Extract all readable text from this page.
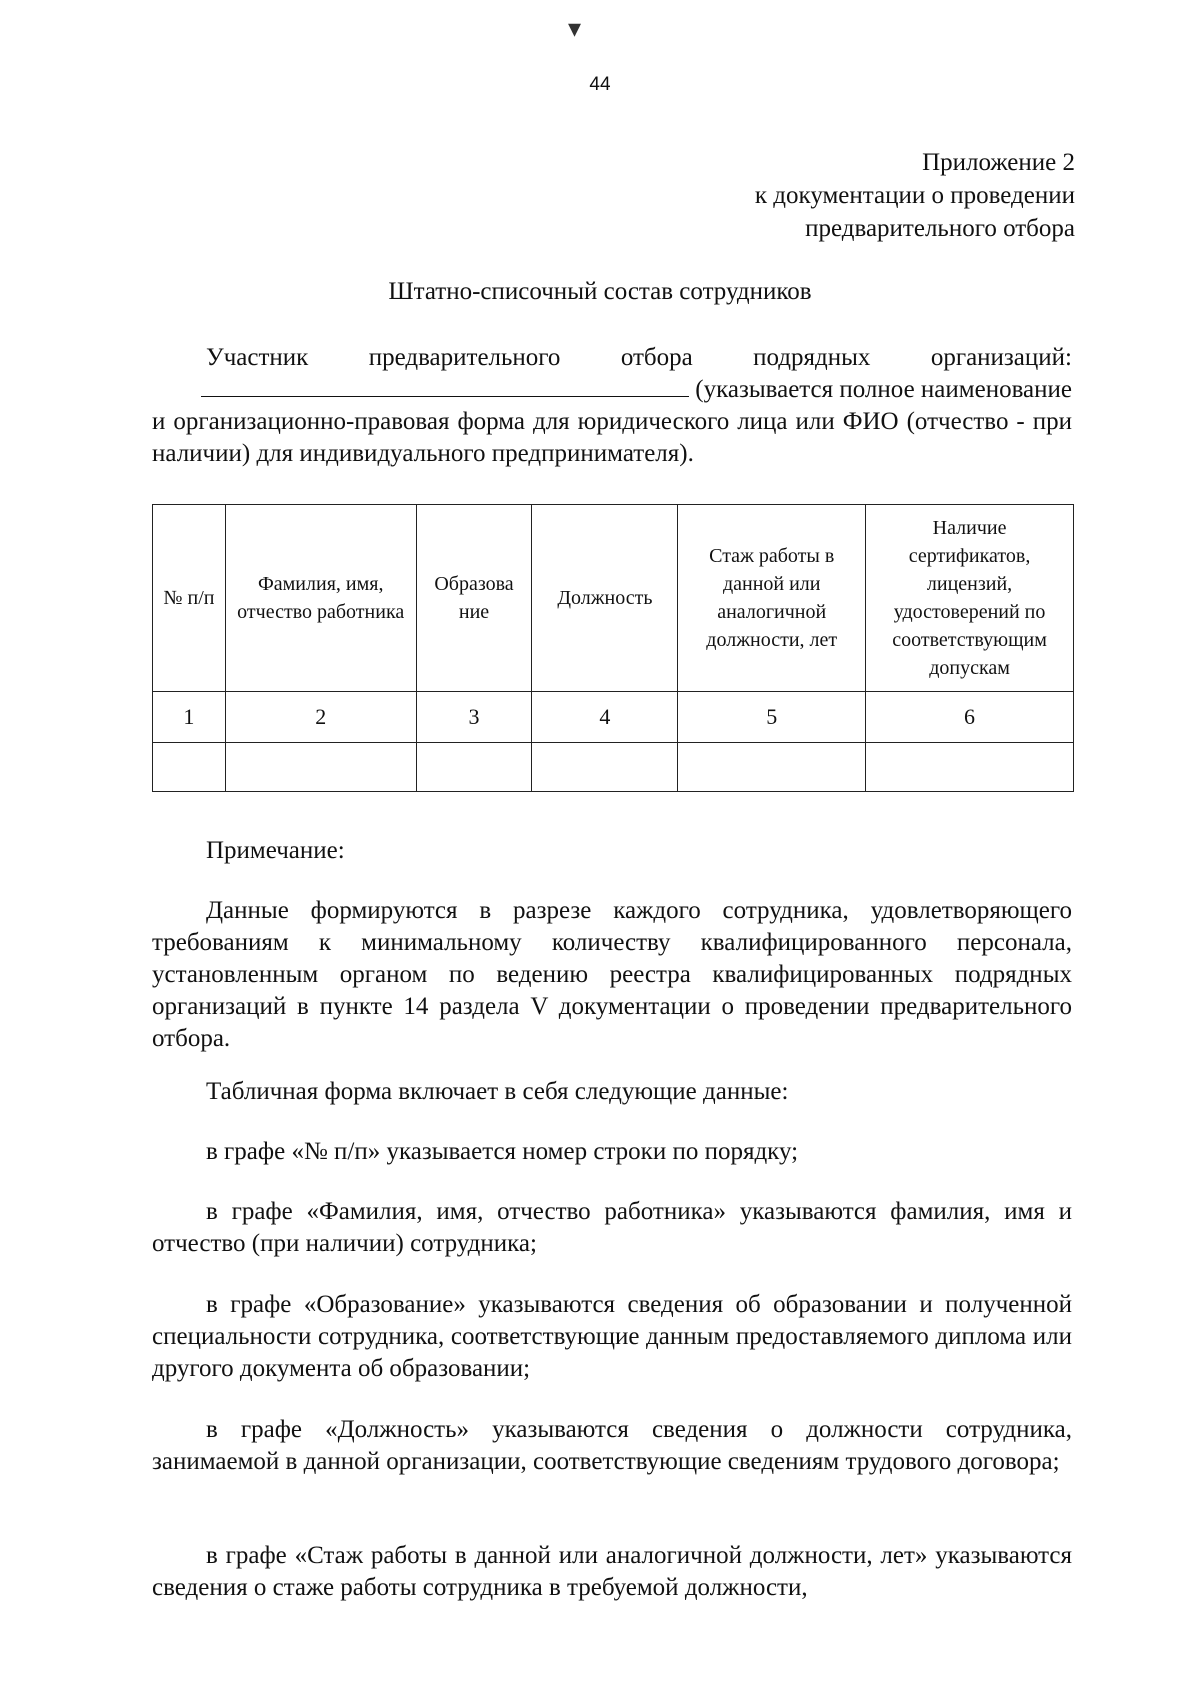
▾
44
Приложение 2
к документации о проведении
предварительного отбора
Штатно-списочный состав сотрудников

Участник предварительного отбора подрядных организаций:

(указывается полное наименование

и организационно-правовая форма для юридического лица или ФИО (отчество - при наличии) для индивидуального предпринимателя).

№ п/п	Фамилия, имя, отчество работника	Образова ние	Должность	Стаж работы в данной или аналогичной должности, лет	Наличие сертификатов, лицензий, удостоверений по соответствующим допускам
1	2	3	4	5	6

Примечание:

Данные формируются в разрезе каждого сотрудника, удовлетворяющего требованиям к минимальному количеству квалифицированного персонала, установленным органом по ведению реестра квалифицированных подрядных организаций в пункте 14 раздела V документации о проведении предварительного отбора.

Табличная форма включает в себя следующие данные:

в графе «№ п/п» указывается номер строки по порядку;

в графе «Фамилия, имя, отчество работника» указываются фамилия, имя и отчество (при наличии) сотрудника;

в графе «Образование» указываются сведения об образовании и полученной специальности сотрудника, соответствующие данным предоставляемого диплома или другого документа об образовании;

в графе «Должность» указываются сведения о должности сотрудника, занимаемой в данной организации, соответствующие сведениям трудового договора;

в графе «Стаж работы в данной или аналогичной должности, лет» указываются сведения о стаже работы сотрудника в требуемой должности,
